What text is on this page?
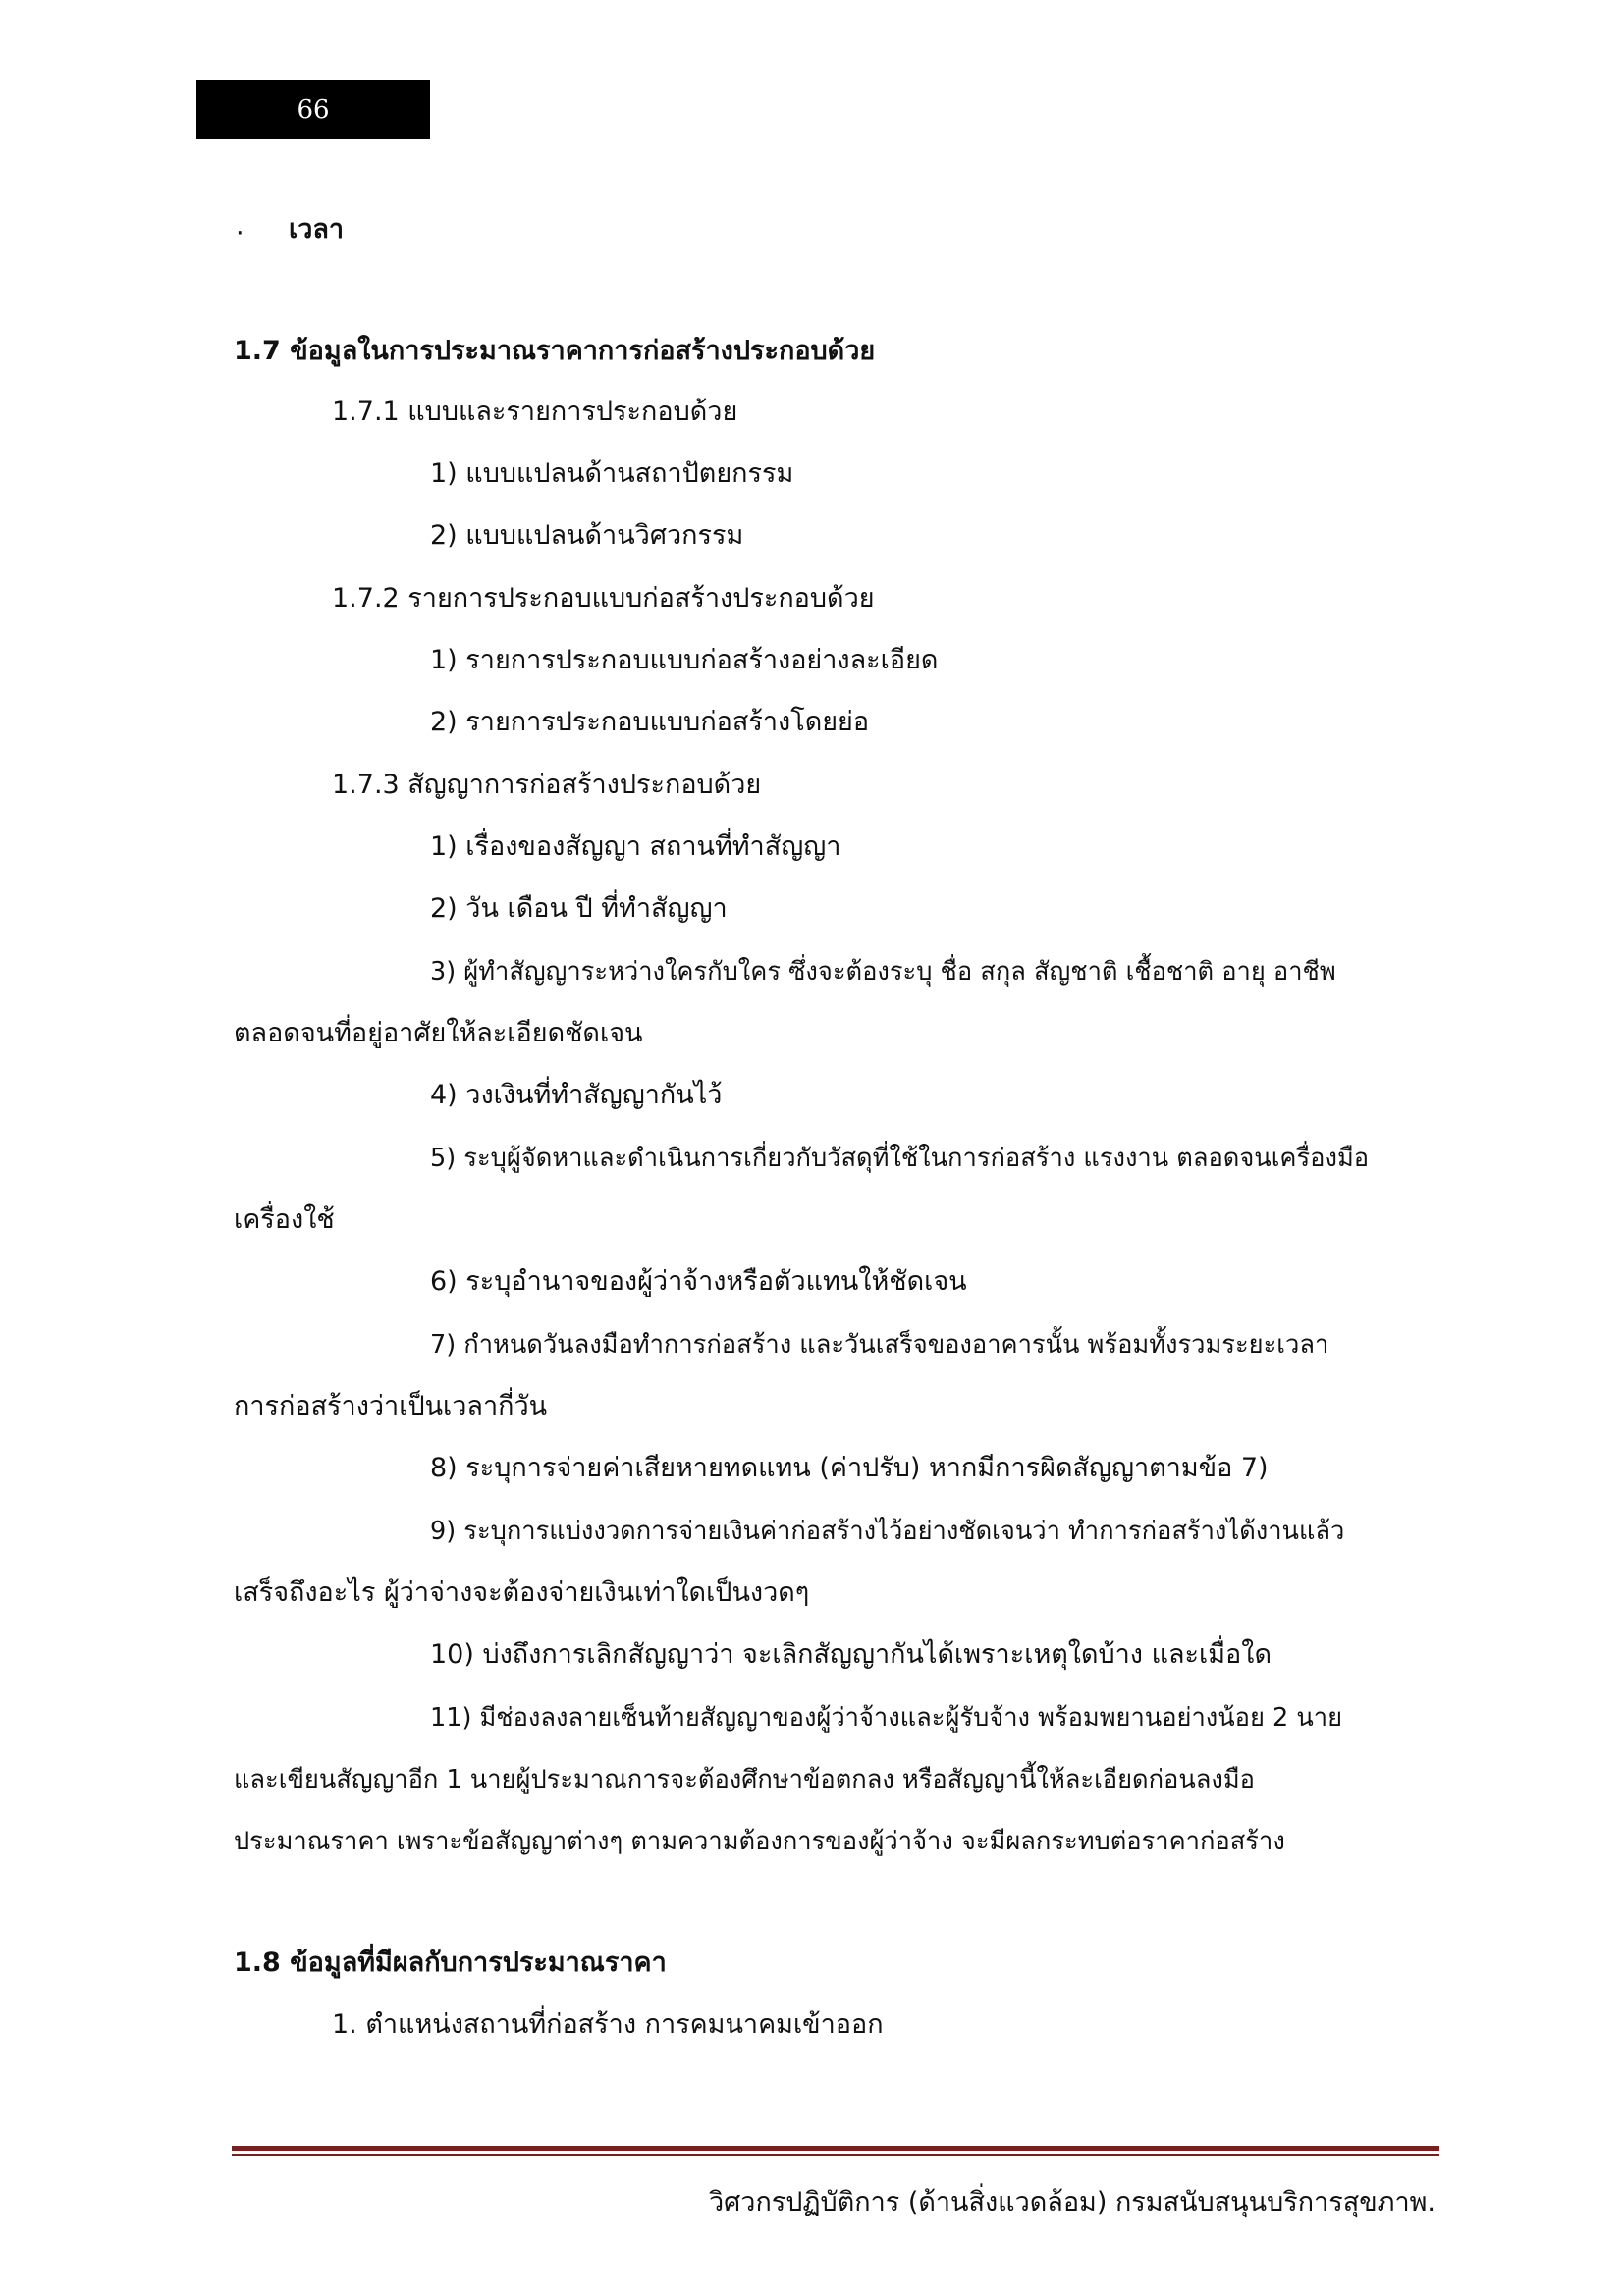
66
· เวลา
1.7 ข้อมูลในการประมาณราคาการก่อสร้างประกอบด้วย
1.7.1 แบบและรายการประกอบด้วย
1) แบบแปลนด้านสถาปัตยกรรม
2) แบบแปลนด้านวิศวกรรม
1.7.2 รายการประกอบแบบก่อสร้างประกอบด้วย
1) รายการประกอบแบบก่อสร้างอย่างละเอียด
2) รายการประกอบแบบก่อสร้างโดยย่อ
1.7.3 สัญญาการก่อสร้างประกอบด้วย
1) เรื่องของสัญญา สถานที่ทำสัญญา
2) วัน เดือน ปี ที่ทำสัญญา
3) ผู้ทำสัญญาระหว่างใครกับใคร ซึ่งจะต้องระบุ ชื่อ สกุล สัญชาติ เชื้อชาติ อายุ อาชีพ
ตลอดจนที่อยู่อาศัยให้ละเอียดชัดเจน
4) วงเงินที่ทำสัญญากันไว้
5) ระบุผู้จัดหาและดำเนินการเกี่ยวกับวัสดุที่ใช้ในการก่อสร้าง แรงงาน ตลอดจนเครื่องมือ
เครื่องใช้
6) ระบุอำนาจของผู้ว่าจ้างหรือตัวแทนให้ชัดเจน
7) กำหนดวันลงมือทำการก่อสร้าง และวันเสร็จของอาคารนั้น พร้อมทั้งรวมระยะเวลา
การก่อสร้างว่าเป็นเวลากี่วัน
8) ระบุการจ่ายค่าเสียหายทดแทน (ค่าปรับ) หากมีการผิดสัญญาตามข้อ 7)
9) ระบุการแบ่งงวดการจ่ายเงินค่าก่อสร้างไว้อย่างชัดเจนว่า ทำการก่อสร้างได้งานแล้ว
เสร็จถึงอะไร ผู้ว่าจ่างจะต้องจ่ายเงินเท่าใดเป็นงวดๆ
10) บ่งถึงการเลิกสัญญาว่า จะเลิกสัญญากันได้เพราะเหตุใดบ้าง และเมื่อใด
11) มีช่องลงลายเซ็นท้ายสัญญาของผู้ว่าจ้างและผู้รับจ้าง พร้อมพยานอย่างน้อย 2 นาย
และเขียนสัญญาอีก 1 นายผู้ประมาณการจะต้องศึกษาข้อตกลง หรือสัญญานี้ให้ละเอียดก่อนลงมือ
ประมาณราคา เพราะข้อสัญญาต่างๆ ตามความต้องการของผู้ว่าจ้าง จะมีผลกระทบต่อราคาก่อสร้าง
1.8 ข้อมูลที่มีผลกับการประมาณราคา
1. ตำแหน่งสถานที่ก่อสร้าง การคมนาคมเข้าออก
วิศวกรปฏิบัติการ (ด้านสิ่งแวดล้อม) กรมสนับสนุนบริการสุขภาพ.
